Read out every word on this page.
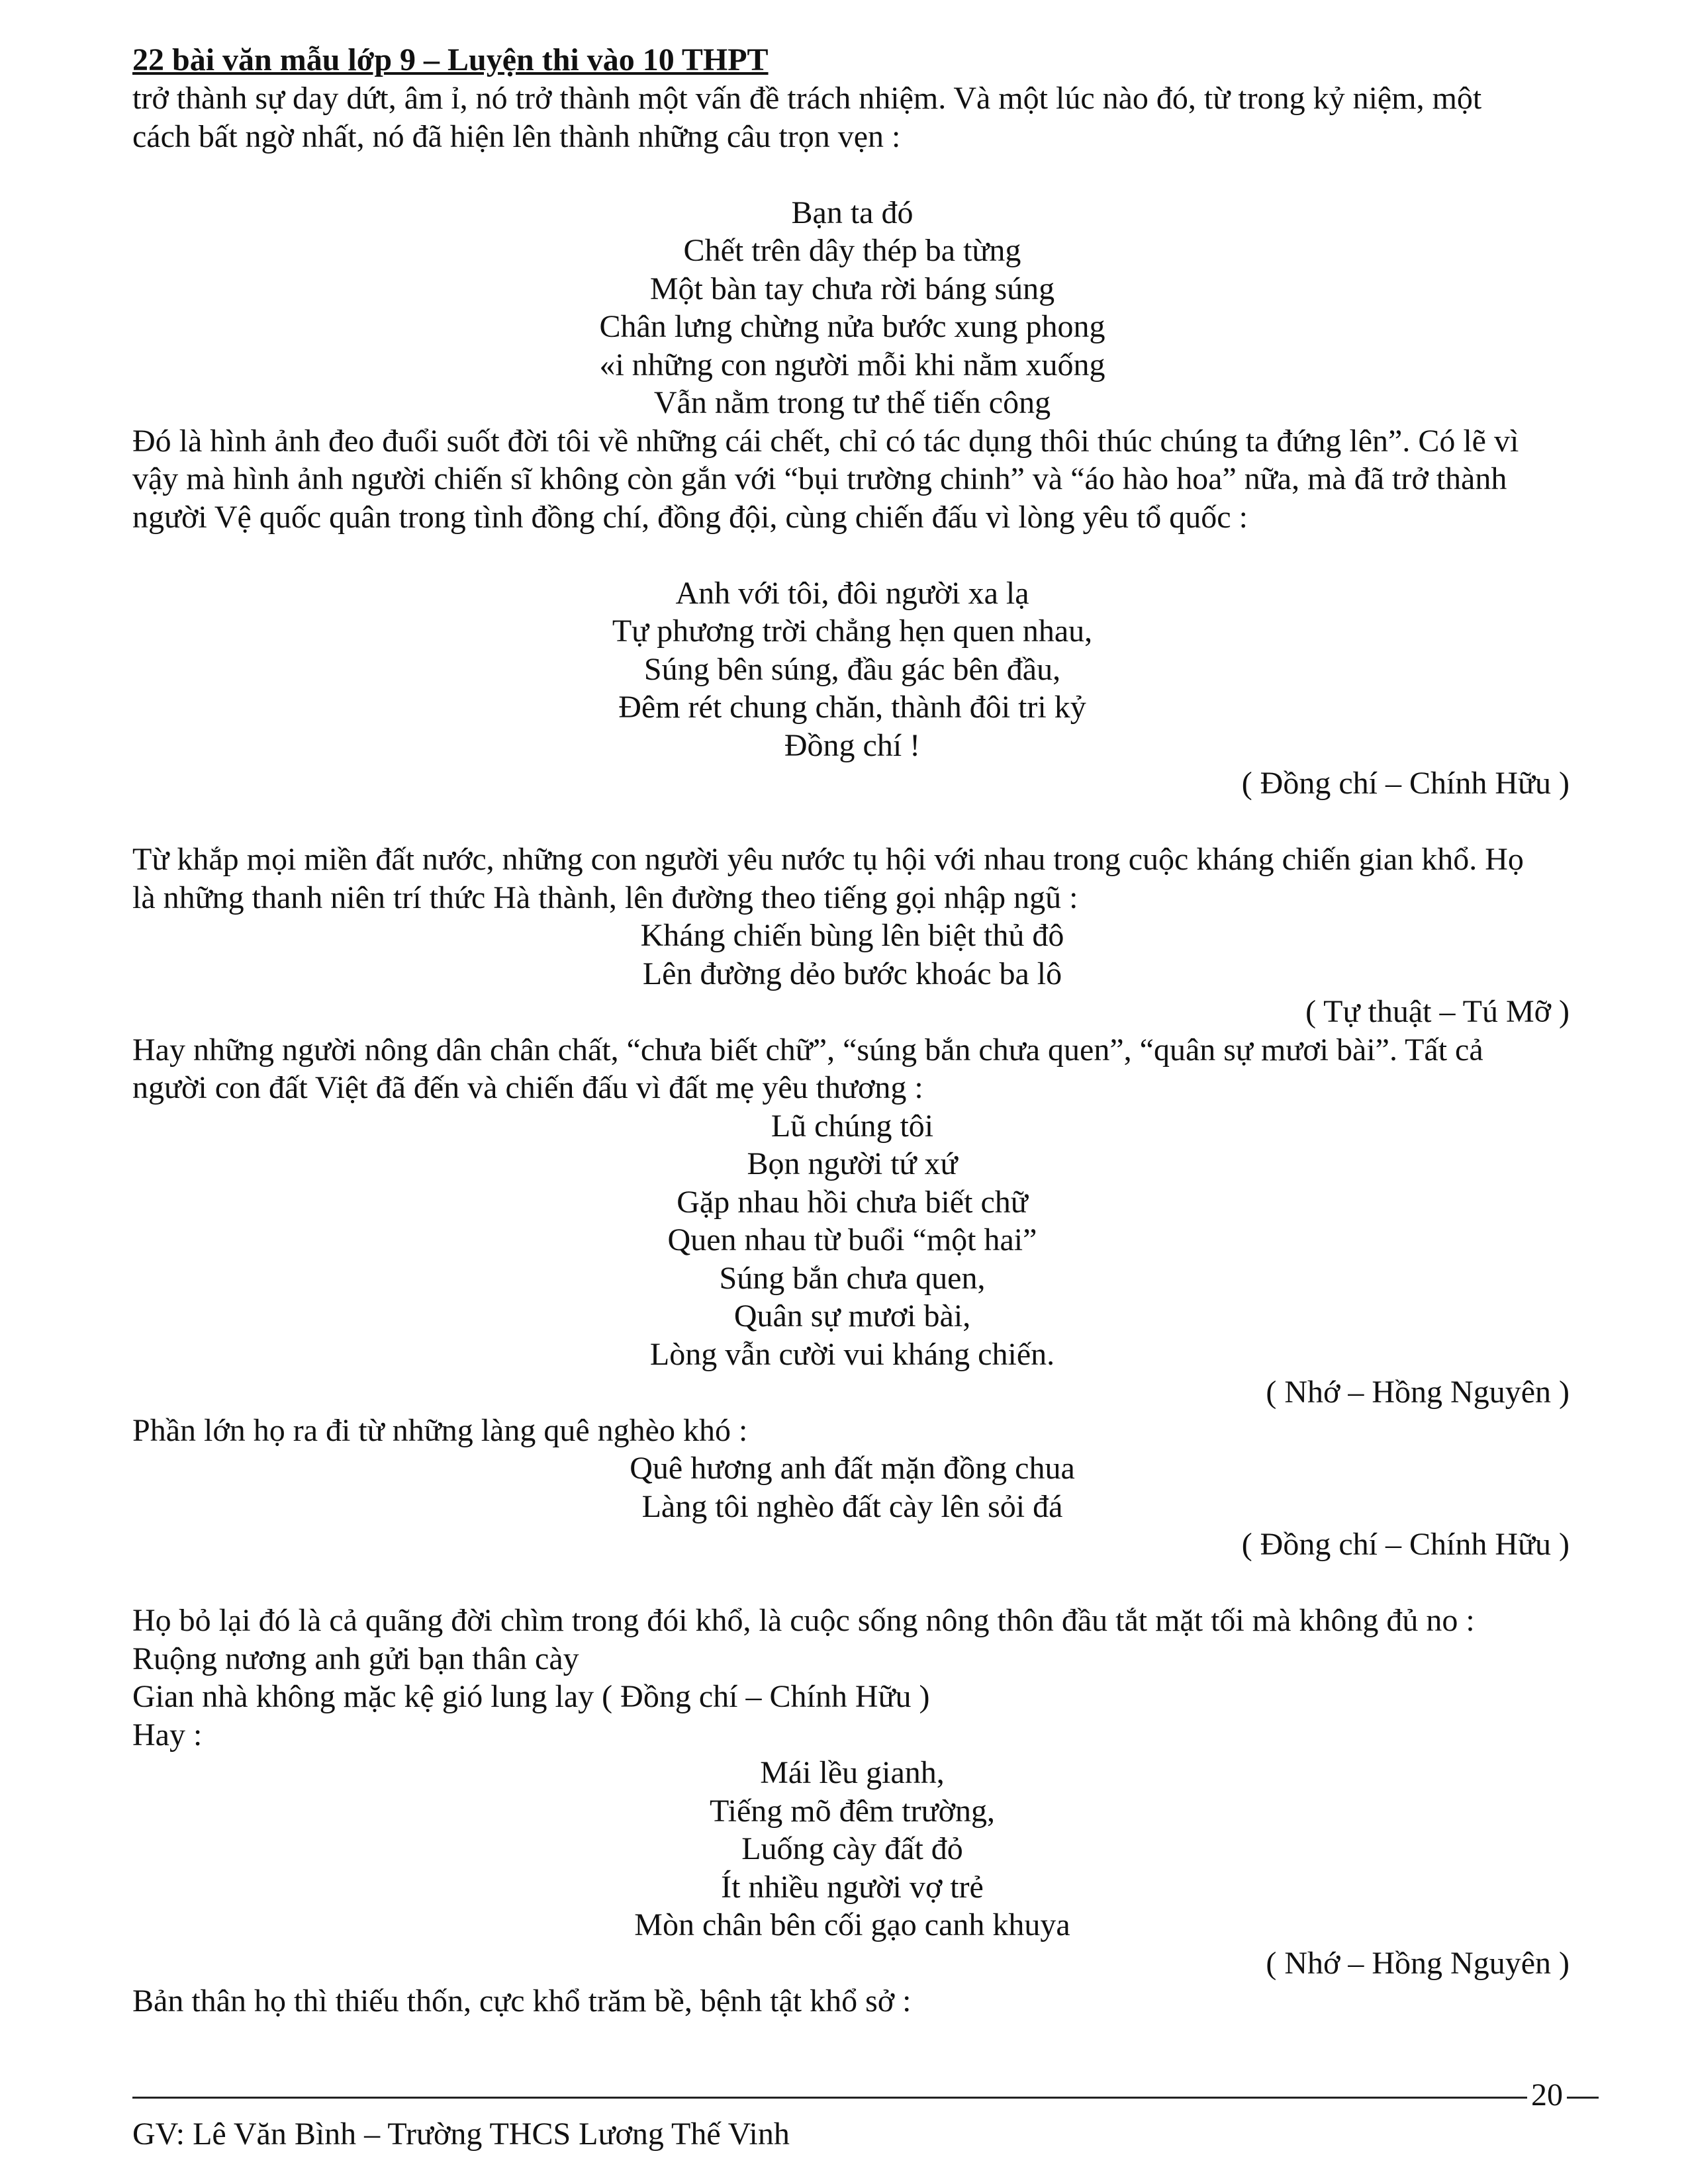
22 bài văn mẫu lớp 9 – Luyện thi vào 10 THPT
trở thành sự day dứt, âm ỉ, nó trở thành một vấn đề trách nhiệm. Và một lúc nào đó, từ trong kỷ niệm, một
cách bất ngờ nhất, nó đã hiện lên thành những câu trọn vẹn :
Bạn ta đó
Chết trên dây thép ba từng
Một bàn tay chưa rời báng súng
Chân lưng chừng nửa bước xung phong
«i những con người mỗi khi nằm xuống
Vẫn nằm trong tư thế tiến công
Đó là hình ảnh đeo đuổi suốt đời tôi về những cái chết, chỉ có tác dụng thôi thúc chúng ta đứng lên”. Có lẽ vì
vậy mà hình ảnh người chiến sĩ không còn gắn với “bụi trường chinh” và “áo hào hoa” nữa, mà đã trở thành
người Vệ quốc quân trong tình đồng chí, đồng đội, cùng chiến đấu vì lòng yêu tổ quốc :
Anh với tôi, đôi người xa lạ
Tự phương trời chẳng hẹn quen nhau,
Súng bên súng, đầu gác bên đầu,
Đêm rét chung chăn, thành đôi tri kỷ
Đồng chí !
( Đồng chí – Chính Hữu )
Từ khắp mọi miền đất nước, những con người yêu nước tụ hội với nhau trong cuộc kháng chiến gian khổ. Họ
là những thanh niên trí thức Hà thành, lên đường theo tiếng gọi nhập ngũ :
Kháng chiến bùng lên biệt thủ đô
Lên đường dẻo bước khoác ba lô
( Tự thuật – Tú Mỡ )
Hay những người nông dân chân chất, “chưa biết chữ”, “súng bắn chưa quen”, “quân sự mươi bài”. Tất cả
người con đất Việt đã đến và chiến đấu vì đất mẹ yêu thương :
Lũ chúng tôi
Bọn người tứ xứ
Gặp nhau hồi chưa biết chữ
Quen nhau từ buổi “một hai”
Súng bắn chưa quen,
Quân sự mươi bài,
Lòng vẫn cười vui kháng chiến.
( Nhớ – Hồng Nguyên )
Phần lớn họ ra đi từ những làng quê nghèo khó :
Quê hương anh đất mặn đồng chua
Làng tôi nghèo đất cày lên sỏi đá
( Đồng chí – Chính Hữu )
Họ bỏ lại đó là cả quãng đời chìm trong đói khổ, là cuộc sống nông thôn đầu tắt mặt tối mà không đủ no :
Ruộng nương anh gửi bạn thân cày
Gian nhà không mặc kệ gió lung lay ( Đồng chí – Chính Hữu )
Hay :
Mái lều gianh,
Tiếng mõ đêm trường,
Luống cày đất đỏ
Ít nhiều người vợ trẻ
Mòn chân bên cối gạo canh khuya
( Nhớ – Hồng Nguyên )
Bản thân họ thì thiếu thốn, cực khổ trăm bề, bệnh tật khổ sở :
20
GV: Lê Văn Bình – Trường THCS Lương Thế Vinh
